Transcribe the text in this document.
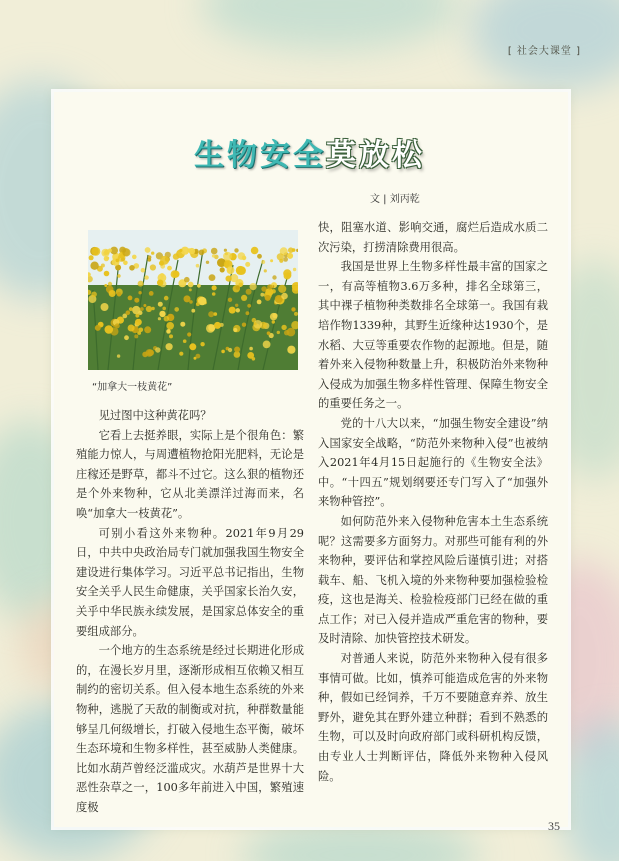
[ 社会大课堂 ]
生物安全莫放松
文 | 刘丙乾
“加拿大一枝黄花”

见过图中这种黄花吗？

它看上去挺养眼，实际上是个很角色：繁殖能力惊人，与周遭植物抢阳光肥料，无论是庄稼还是野草，都斗不过它。这么狠的植物还是个外来物种，它从北美漂洋过海而来，名唤“加拿大一枝黄花”。

可别小看这外来物种。2021年9月29日，中共中央政治局专门就加强我国生物安全建设进行集体学习。习近平总书记指出，生物安全关乎人民生命健康，关乎国家长治久安，关乎中华民族永续发展，是国家总体安全的重要组成部分。

一个地方的生态系统是经过长期进化形成的，在漫长岁月里，逐渐形成相互依赖又相互制约的密切关系。但入侵本地生态系统的外来物种，逃脱了天敌的制衡或对抗，种群数量能够呈几何级增长，打破入侵地生态平衡，破坏生态环境和生物多样性，甚至威胁人类健康。比如水葫芦曾经泛滥成灾。水葫芦是世界十大恶性杂草之一，100多年前进入中国，繁殖速度极

快，阻塞水道、影响交通，腐烂后造成水质二次污染，打捞清除费用很高。

我国是世界上生物多样性最丰富的国家之一，有高等植物3.6万多种，排名全球第三，其中裸子植物种类数排名全球第一。我国有栽培作物1339种，其野生近缘种达1930个，是水稻、大豆等重要农作物的起源地。但是，随着外来入侵物种数量上升，积极防治外来物种入侵成为加强生物多样性管理、保障生物安全的重要任务之一。

党的十八大以来，“加强生物安全建设”纳入国家安全战略，“防范外来物种入侵”也被纳入2021年4月15日起施行的《生物安全法》中。“十四五”规划纲要还专门写入了“加强外来物种管控”。

如何防范外来入侵物种危害本土生态系统呢？这需要多方面努力。对那些可能有利的外来物种，要评估和掌控风险后谨慎引进；对搭载车、船、飞机入境的外来物种要加强检验检疫，这也是海关、检验检疫部门已经在做的重点工作；对已入侵并造成严重危害的物种，要及时清除、加快管控技术研发。

对普通人来说，防范外来物种入侵有很多事情可做。比如，慎养可能造成危害的外来物种，假如已经饲养，千万不要随意弃养、放生野外，避免其在野外建立种群；看到不熟悉的生物，可以及时向政府部门或科研机构反馈，由专业人士判断评估，降低外来物种入侵风险。

35
